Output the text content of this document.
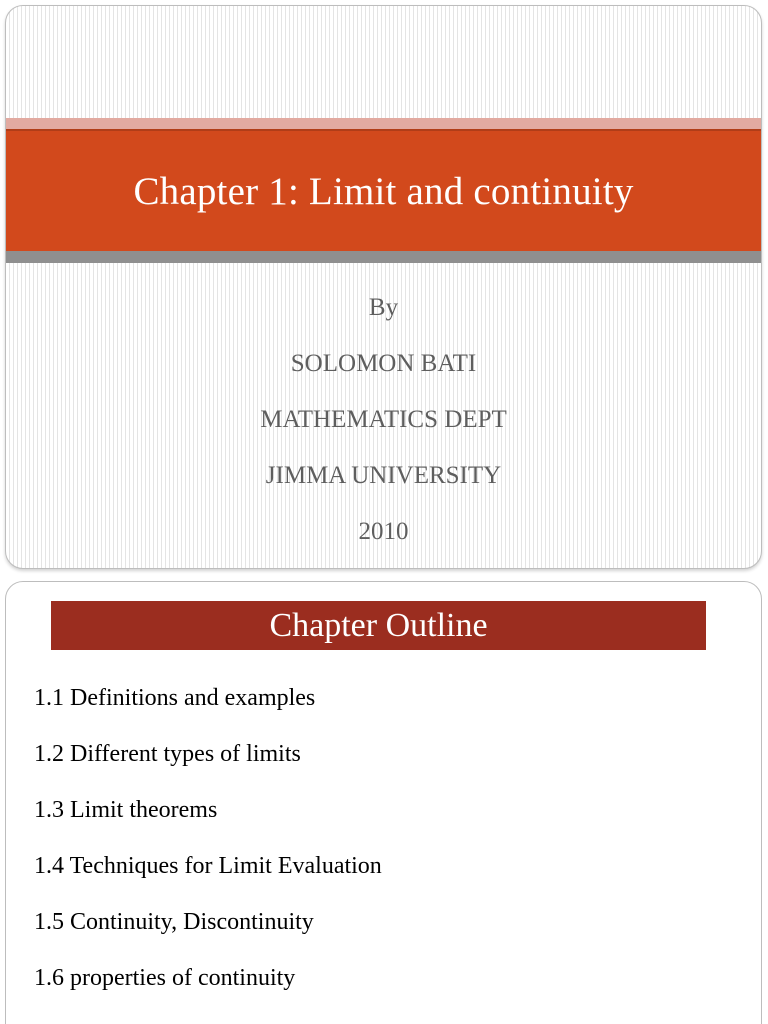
Chapter 1: Limit and continuity
By
SOLOMON BATI
MATHEMATICS DEPT
JIMMA UNIVERSITY
2010
Chapter Outline
1.1 Definitions and examples
1.2 Different types of limits
1.3 Limit theorems
1.4 Techniques for Limit Evaluation
1.5 Continuity, Discontinuity
1.6 properties of continuity
